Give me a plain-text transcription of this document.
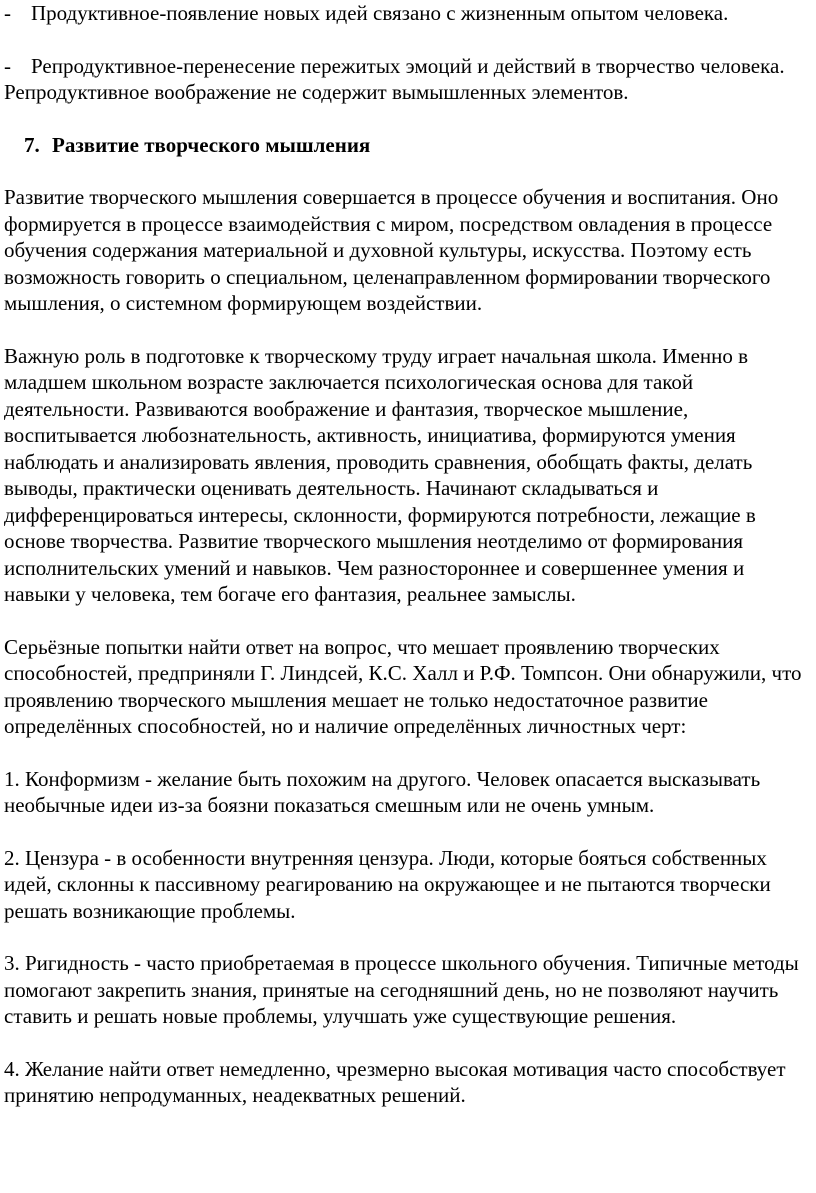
- Продуктивное-появление новых идей связано с жизненным опытом человека.

- Репродуктивное-перенесение пережитых эмоций и действий в творчество человека. Репродуктивное воображение не содержит вымышленных элементов.

7. Развитие творческого мышления

Развитие творческого мышления совершается в процессе обучения и воспитания. Оно формируется в процессе взаимодействия с миром, посредством овладения в процессе обучения содержания материальной и духовной культуры, искусства. Поэтому есть возможность говорить о специальном, целенаправленном формировании творческого мышления, о системном формирующем воздействии.

Важную роль в подготовке к творческому труду играет начальная школа. Именно в младшем школьном возрасте заключается психологическая основа для такой деятельности. Развиваются воображение и фантазия, творческое мышление, воспитывается любознательность, активность, инициатива, формируются умения наблюдать и анализировать явления, проводить сравнения, обобщать факты, делать выводы, практически оценивать деятельность. Начинают складываться и дифференцироваться интересы, склонности, формируются потребности, лежащие в основе творчества. Развитие творческого мышления неотделимо от формирования исполнительских умений и навыков. Чем разностороннее и совершеннее умения и навыки у человека, тем богаче его фантазия, реальнее замыслы.

Серьёзные попытки найти ответ на вопрос, что мешает проявлению творческих способностей, предприняли Г. Линдсей, К.С. Халл и Р.Ф. Томпсон. Они обнаружили, что проявлению творческого мышления мешает не только недостаточное развитие определённых способностей, но и наличие определённых личностных черт:

1. Конформизм - желание быть похожим на другого. Человек опасается высказывать необычные идеи из-за боязни показаться смешным или не очень умным.

2. Цензура - в особенности внутренняя цензура. Люди, которые бояться собственных идей, склонны к пассивному реагированию на окружающее и не пытаются творчески решать возникающие проблемы.

3. Ригидность - часто приобретаемая в процессе школьного обучения. Типичные методы помогают закрепить знания, принятые на сегодняшний день, но не позволяют научить ставить и решать новые проблемы, улучшать уже существующие решения.

4. Желание найти ответ немедленно, чрезмерно высокая мотивация часто способствует принятию непродуманных, неадекватных решений.
